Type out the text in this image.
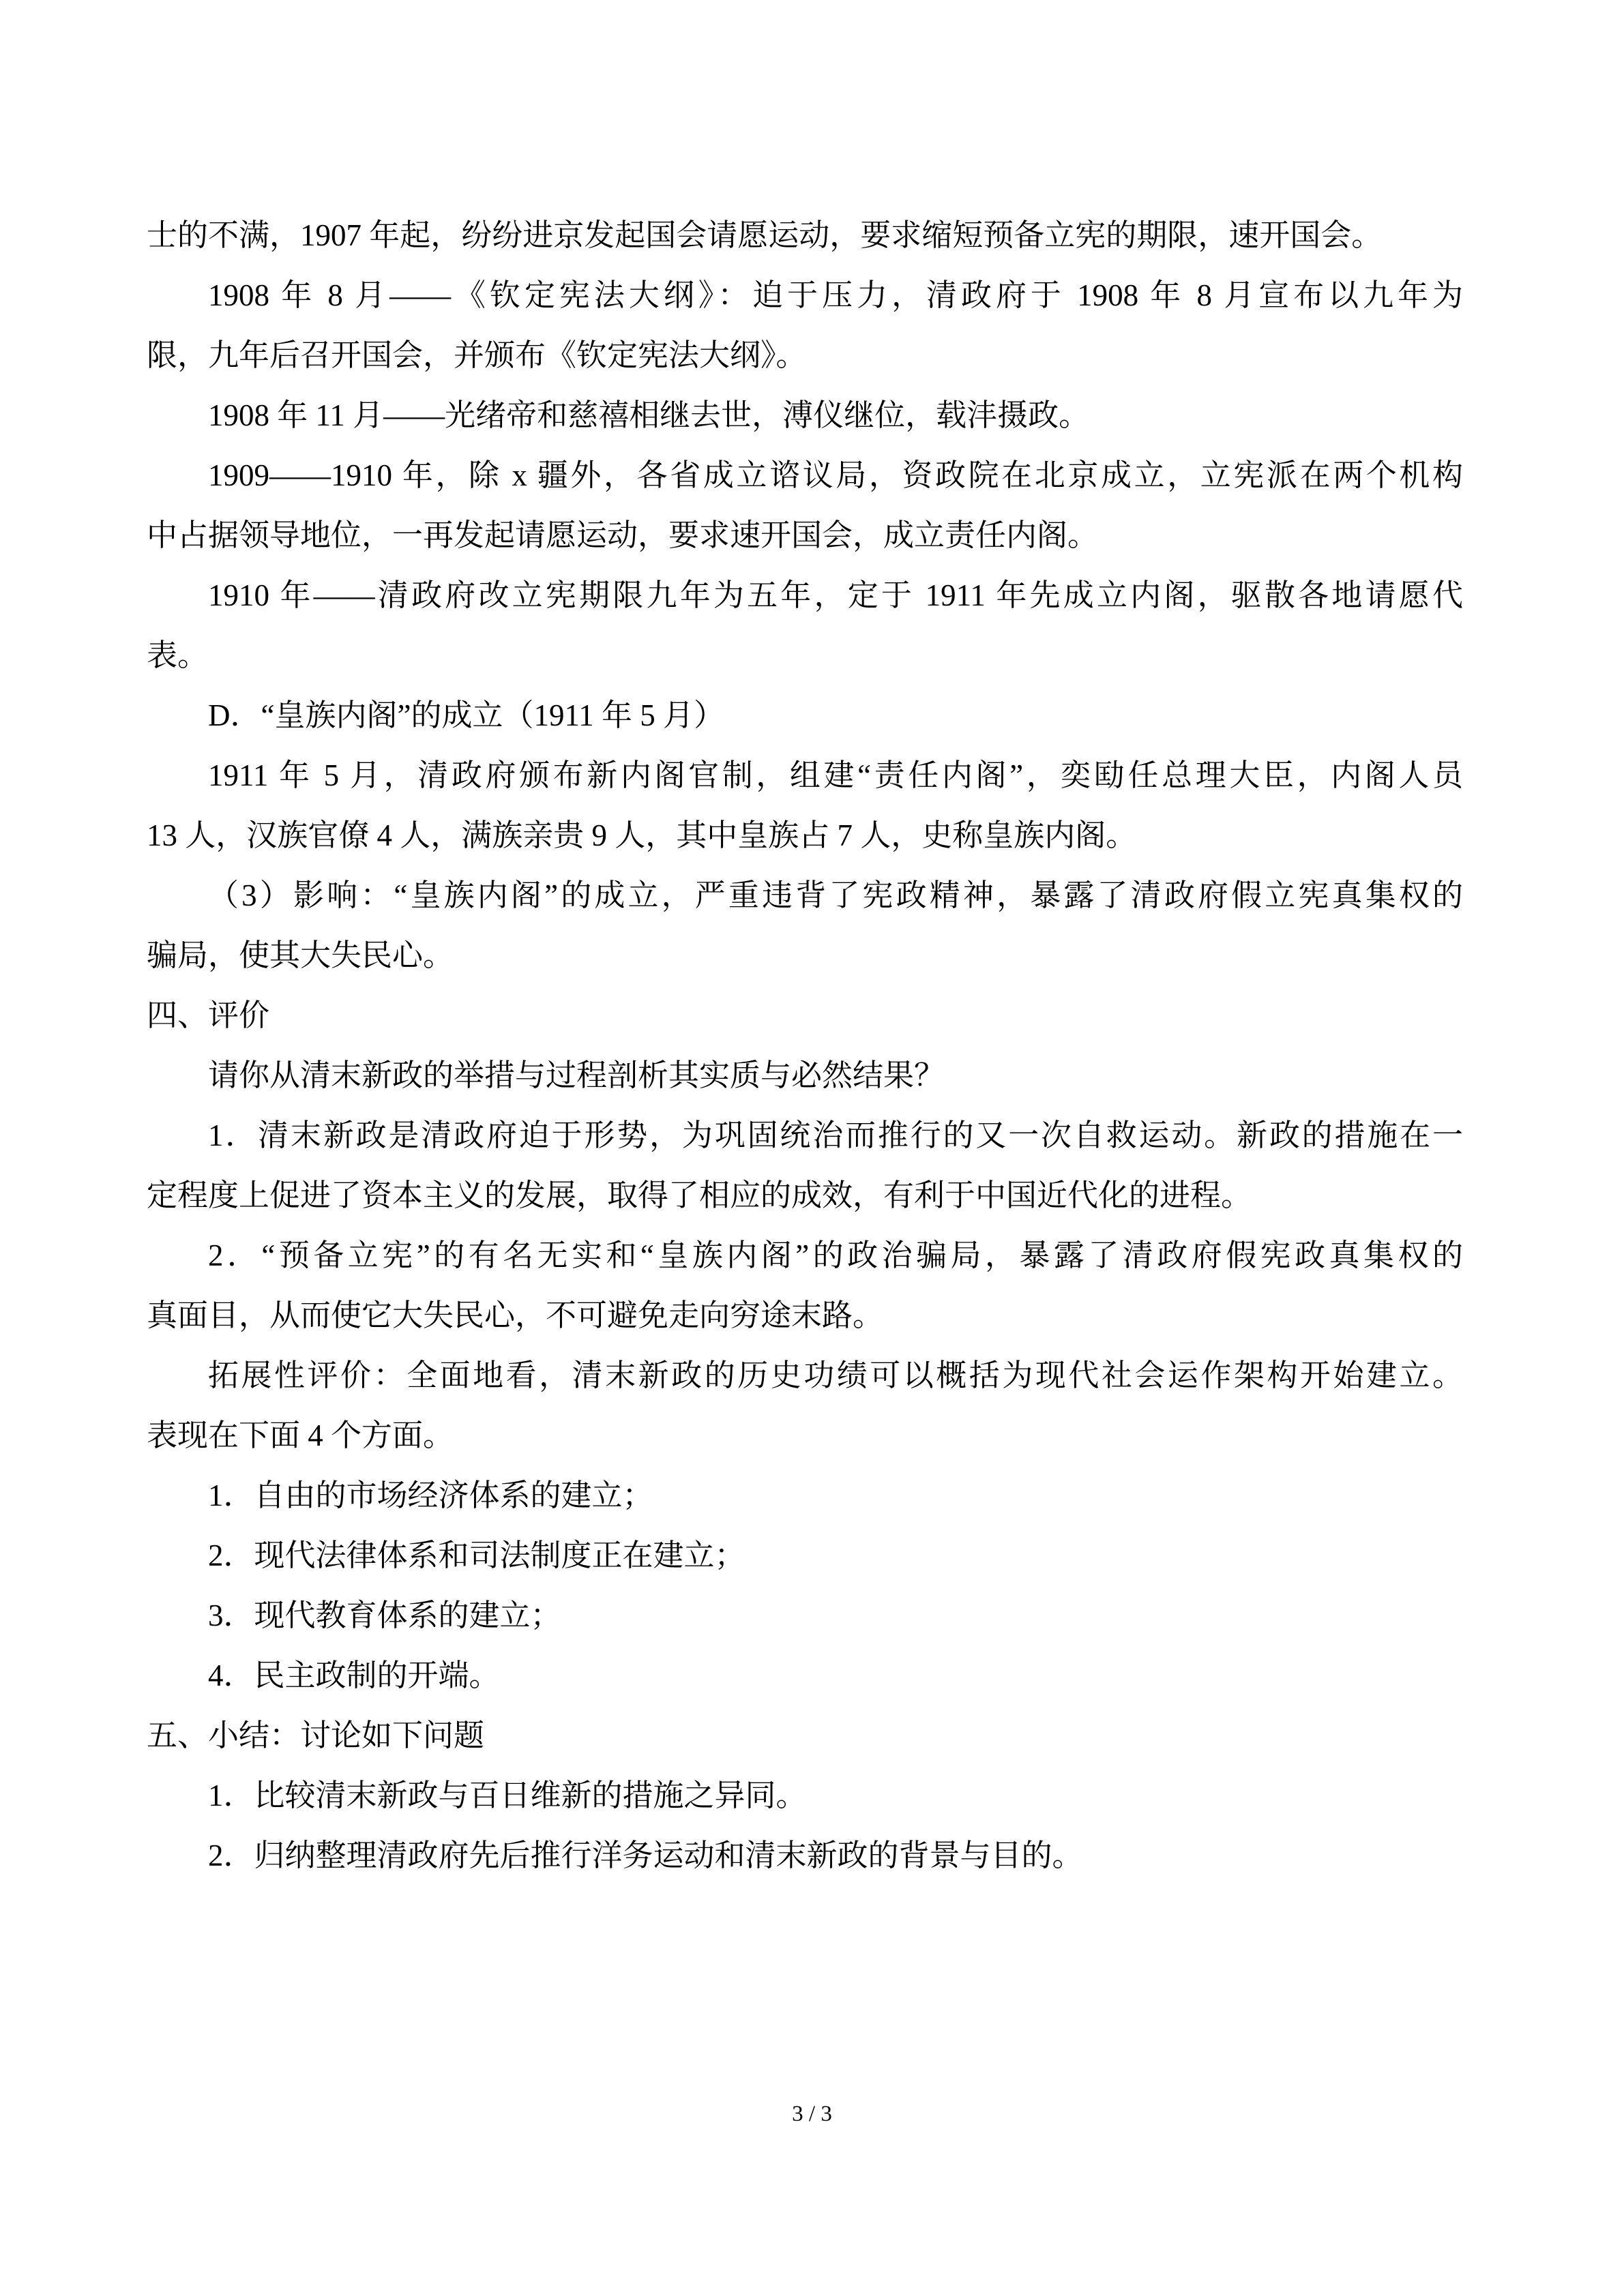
士的不满，1907 年起，纷纷进京发起国会请愿运动，要求缩短预备立宪的期限，速开国会。
1908 年 8 月——《钦定宪法大纲》：迫于压力，清政府于 1908 年 8 月宣布以九年为
限，九年后召开国会，并颁布《钦定宪法大纲》。
1908 年 11 月——光绪帝和慈禧相继去世，溥仪继位，载沣摄政。
1909——1910 年，除 x 疆外，各省成立谘议局，资政院在北京成立，立宪派在两个机构
中占据领导地位，一再发起请愿运动，要求速开国会，成立责任内阁。
1910 年——清政府改立宪期限九年为五年，定于 1911 年先成立内阁，驱散各地请愿代
表。
D．“皇族内阁”的成立（1911 年 5 月）
1911 年 5 月，清政府颁布新内阁官制，组建“责任内阁”，奕劻任总理大臣，内阁人员
13 人，汉族官僚 4 人，满族亲贵 9 人，其中皇族占 7 人，史称皇族内阁。
（3）影响：“皇族内阁”的成立，严重违背了宪政精神，暴露了清政府假立宪真集权的
骗局，使其大失民心。
四、评价
请你从清末新政的举措与过程剖析其实质与必然结果？
1．清末新政是清政府迫于形势，为巩固统治而推行的又一次自救运动。新政的措施在一
定程度上促进了资本主义的发展，取得了相应的成效，有利于中国近代化的进程。
2．“预备立宪”的有名无实和“皇族内阁”的政治骗局，暴露了清政府假宪政真集权的
真面目，从而使它大失民心，不可避免走向穷途末路。
拓展性评价：全面地看，清末新政的历史功绩可以概括为现代社会运作架构开始建立。
表现在下面 4 个方面。
1．自由的市场经济体系的建立；
2．现代法律体系和司法制度正在建立；
3．现代教育体系的建立；
4．民主政制的开端。
五、小结：讨论如下问题
1．比较清末新政与百日维新的措施之异同。
2．归纳整理清政府先后推行洋务运动和清末新政的背景与目的。
3 / 3
